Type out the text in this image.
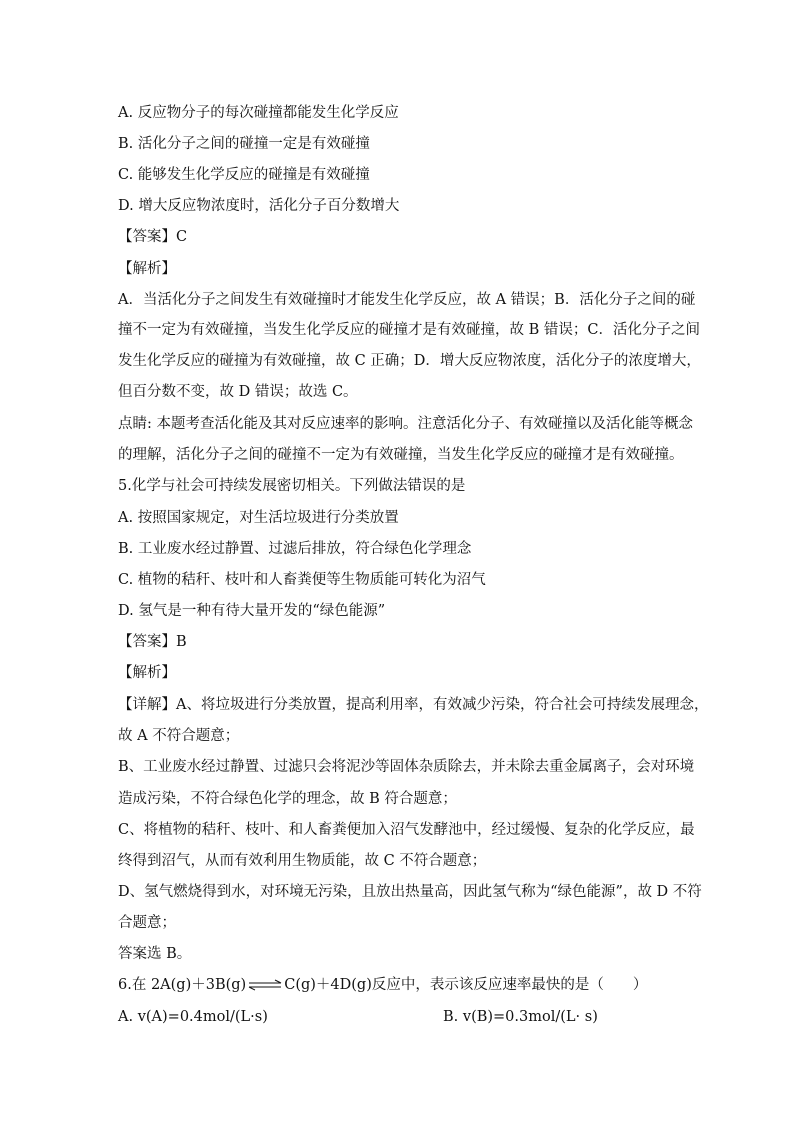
A. 反应物分子的每次碰撞都能发生化学反应
B. 活化分子之间的碰撞一定是有效碰撞
C. 能够发生化学反应的碰撞是有效碰撞
D. 增大反应物浓度时，活化分子百分数增大
【答案】C
【解析】
A．当活化分子之间发生有效碰撞时才能发生化学反应，故 A 错误；B．活化分子之间的碰
撞不一定为有效碰撞，当发生化学反应的碰撞才是有效碰撞，故 B 错误；C．活化分子之间
发生化学反应的碰撞为有效碰撞，故 C 正确；D．增大反应物浓度，活化分子的浓度增大，
但百分数不变，故 D 错误；故选 C。
点睛: 本题考查活化能及其对反应速率的影响。注意活化分子、有效碰撞以及活化能等概念
的理解，活化分子之间的碰撞不一定为有效碰撞，当发生化学反应的碰撞才是有效碰撞。
5.化学与社会可持续发展密切相关。下列做法错误的是
A. 按照国家规定，对生活垃圾进行分类放置
B. 工业废水经过静置、过滤后排放，符合绿色化学理念
C. 植物的秸秆、枝叶和人畜粪便等生物质能可转化为沼气
D. 氢气是一种有待大量开发的“绿色能源”
【答案】B
【解析】
【详解】A、将垃圾进行分类放置，提高利用率，有效减少污染，符合社会可持续发展理念，
故 A 不符合题意；
B、工业废水经过静置、过滤只会将泥沙等固体杂质除去，并未除去重金属离子，会对环境
造成污染，不符合绿色化学的理念，故 B 符合题意；
C、将植物的秸秆、枝叶、和人畜粪便加入沼气发酵池中，经过缓慢、复杂的化学反应，最
终得到沼气，从而有效利用生物质能，故 C 不符合题意；
D、氢气燃烧得到水，对环境无污染，且放出热量高，因此氢气称为“绿色能源”，故 D 不符
合题意；
答案选 B。
6.在 2A(g)＋3B(g)	C(g)＋4D(g)反应中，表示该反应速率最快的是（　　）
A. v(A)=0.4mol/(L·s)	B. v(B)=0.3mol/(L· s)
